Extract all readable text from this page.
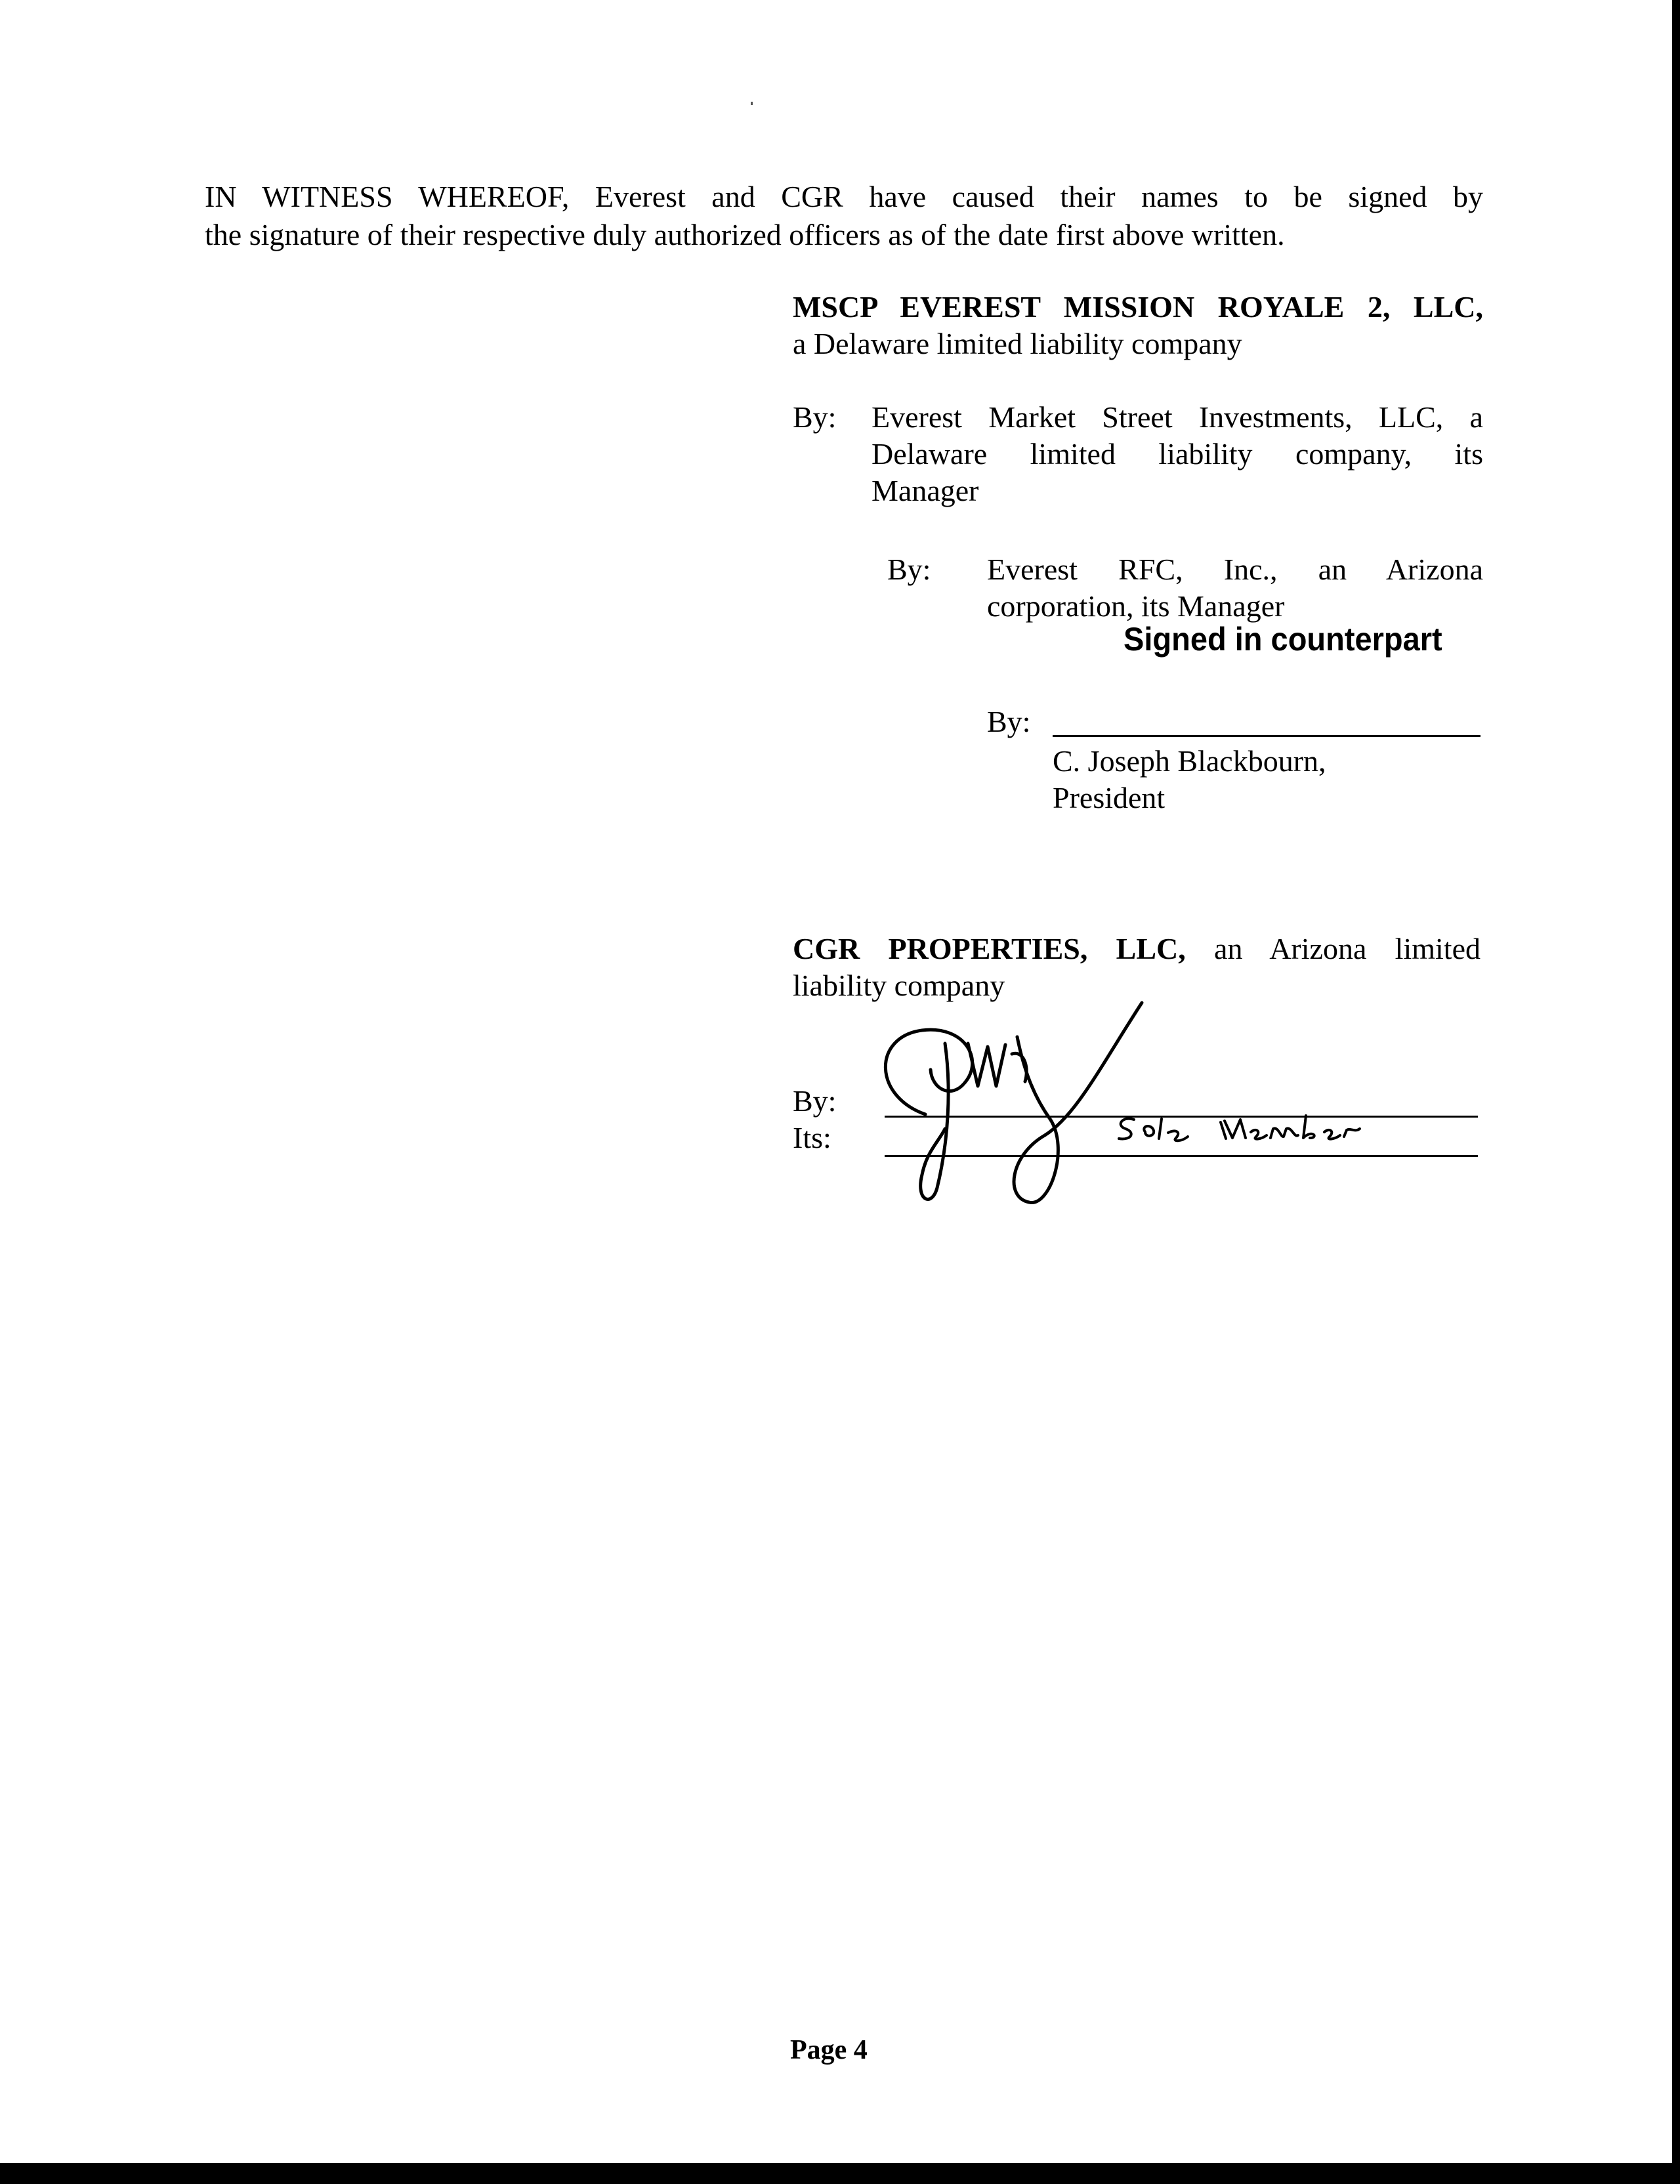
IN WITNESS WHEREOF, Everest and CGR have caused their names to be signed by
the signature of their respective duly authorized officers as of the date first above written.
MSCP EVEREST MISSION ROYALE 2, LLC,
a Delaware limited liability company
By: Everest Market Street Investments, LLC, a
Delaware limited liability company, its
Manager
By: Everest RFC, Inc., an Arizona
corporation, its Manager
Signed in counterpart
By:
C. Joseph Blackbourn,
President
CGR PROPERTIES, LLC, an Arizona limited
liability company
By:
Its:
Page 4
